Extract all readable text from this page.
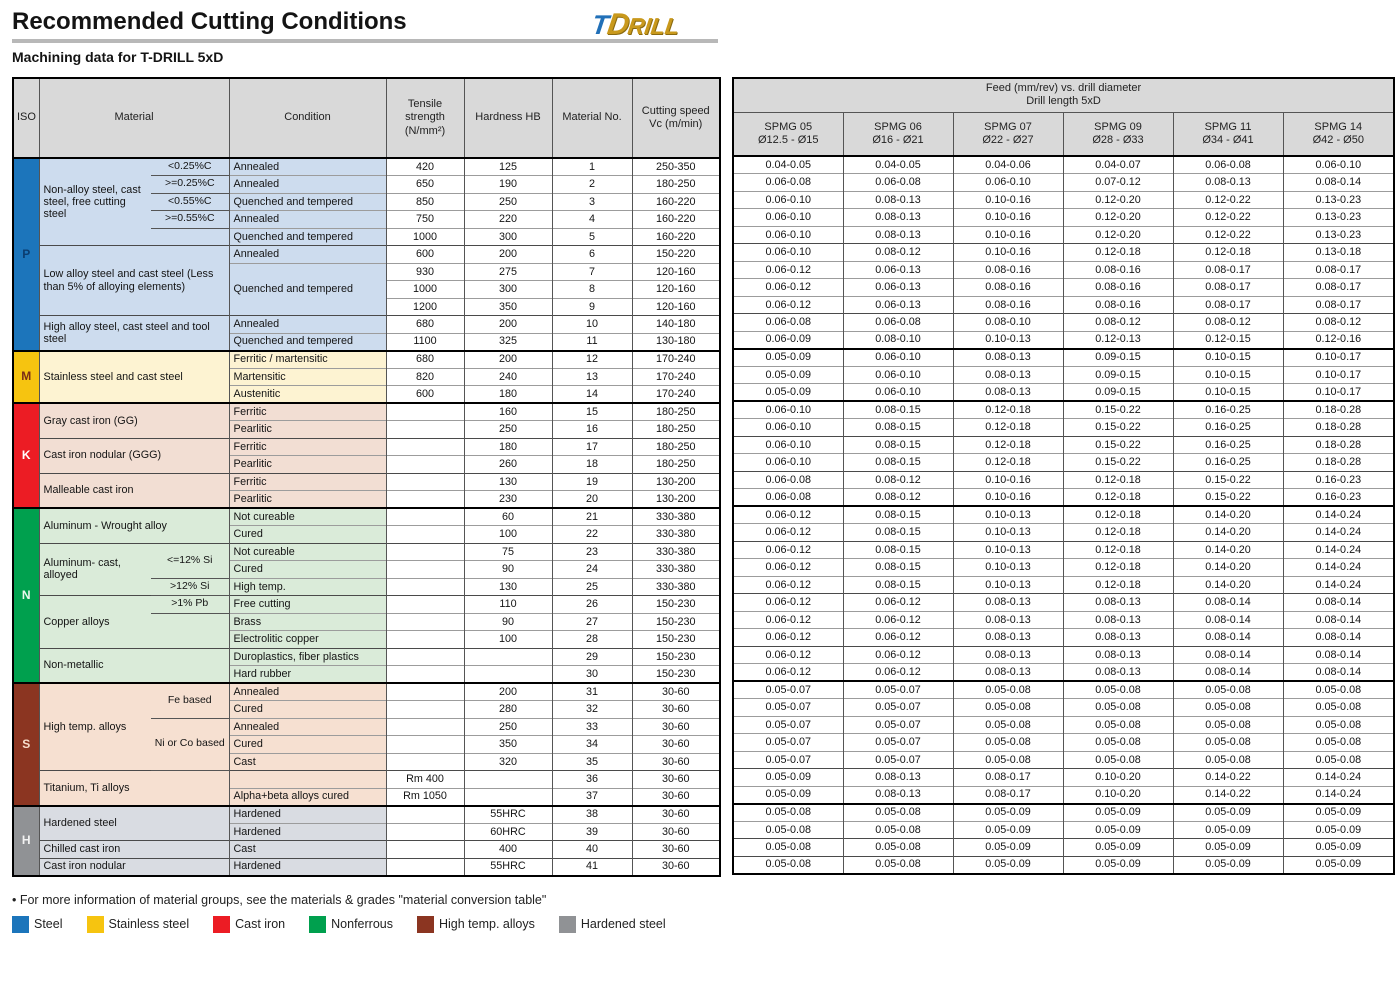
Recommended Cutting Conditions	TDRILL
Machining data for T-DRILL 5xD
ISO	Material		Condition	Tensile strength (N/mm²)	Hardness HB	Material No.	Cutting speed Vc (m/min)
P	Non-alloy steel, cast steel, free cutting steel	<0.25%C	Annealed	420	125	1	250-350
		>=0.25%C	Annealed	650	190	2	180-250
		<0.55%C	Quenched and tempered	850	250	3	160-220
		>=0.55%C	Annealed	750	220	4	160-220
			Quenched and tempered	1000	300	5	160-220
	Low alloy steel and cast steel (Less than 5% of alloying elements)		Annealed	600	200	6	150-220
			Quenched and tempered	930	275	7	120-160
				1000	300	8	120-160
				1200	350	9	120-160
	High alloy steel, cast steel and tool steel		Annealed	680	200	10	140-180
			Quenched and tempered	1100	325	11	130-180
M	Stainless steel and cast steel		Ferritic / martensitic	680	200	12	170-240
			Martensitic	820	240	13	170-240
			Austenitic	600	180	14	170-240
K	Gray cast iron (GG)		Ferritic		160	15	180-250
			Pearlitic		250	16	180-250
	Cast iron nodular (GGG)		Ferritic		180	17	180-250
			Pearlitic		260	18	180-250
	Malleable cast iron		Ferritic		130	19	130-200
			Pearlitic		230	20	130-200
N	Aluminum - Wrought alloy		Not cureable		60	21	330-380
			Cured		100	22	330-380
	Aluminum- cast, alloyed	<=12% Si	Not cureable		75	23	330-380
			Cured		90	24	330-380
		>12% Si	High temp.		130	25	330-380
	Copper alloys	>1% Pb	Free cutting		110	26	150-230
			Brass		90	27	150-230
			Electrolitic copper		100	28	150-230
	Non-metallic		Duroplastics, fiber plastics			29	150-230
			Hard rubber			30	150-230
S	High temp. alloys	Fe based	Annealed		200	31	30-60
			Cured		280	32	30-60
		Ni or Co based	Annealed		250	33	30-60
			Cured		350	34	30-60
			Cast		320	35	30-60
	Titanium, Ti alloys			Rm 400		36	30-60
			Alpha+beta alloys cured	Rm 1050		37	30-60
H	Hardened steel		Hardened		55HRC	38	30-60
			Hardened		60HRC	39	30-60
	Chilled cast iron		Cast		400	40	30-60
	Cast iron nodular		Hardened		55HRC	41	30-60
Feed (mm/rev) vs. drill diameter
Drill length 5xD					

SPMG 05
Ø12.5 - Ø15

SPMG 06
Ø16 - Ø21

SPMG 07
Ø22 - Ø27

SPMG 09
Ø28 - Ø33

SPMG 11
Ø34 - Ø41

SPMG 14
Ø42 - Ø50

0.04-0.05	0.04-0.05	0.04-0.06	0.04-0.07	0.06-0.08	0.06-0.10
0.06-0.08	0.06-0.08	0.06-0.10	0.07-0.12	0.08-0.13	0.08-0.14
0.06-0.10	0.08-0.13	0.10-0.16	0.12-0.20	0.12-0.22	0.13-0.23
0.06-0.10	0.08-0.13	0.10-0.16	0.12-0.20	0.12-0.22	0.13-0.23
0.06-0.10	0.08-0.13	0.10-0.16	0.12-0.20	0.12-0.22	0.13-0.23
0.06-0.10	0.08-0.12	0.10-0.16	0.12-0.18	0.12-0.18	0.13-0.18
0.06-0.12	0.06-0.13	0.08-0.16	0.08-0.16	0.08-0.17	0.08-0.17
0.06-0.12	0.06-0.13	0.08-0.16	0.08-0.16	0.08-0.17	0.08-0.17
0.06-0.12	0.06-0.13	0.08-0.16	0.08-0.16	0.08-0.17	0.08-0.17
0.06-0.08	0.06-0.08	0.08-0.10	0.08-0.12	0.08-0.12	0.08-0.12
0.06-0.09	0.08-0.10	0.10-0.13	0.12-0.13	0.12-0.15	0.12-0.16
0.05-0.09	0.06-0.10	0.08-0.13	0.09-0.15	0.10-0.15	0.10-0.17
0.05-0.09	0.06-0.10	0.08-0.13	0.09-0.15	0.10-0.15	0.10-0.17
0.05-0.09	0.06-0.10	0.08-0.13	0.09-0.15	0.10-0.15	0.10-0.17
0.06-0.10	0.08-0.15	0.12-0.18	0.15-0.22	0.16-0.25	0.18-0.28
0.06-0.10	0.08-0.15	0.12-0.18	0.15-0.22	0.16-0.25	0.18-0.28
0.06-0.10	0.08-0.15	0.12-0.18	0.15-0.22	0.16-0.25	0.18-0.28
0.06-0.10	0.08-0.15	0.12-0.18	0.15-0.22	0.16-0.25	0.18-0.28
0.06-0.08	0.08-0.12	0.10-0.16	0.12-0.18	0.15-0.22	0.16-0.23
0.06-0.08	0.08-0.12	0.10-0.16	0.12-0.18	0.15-0.22	0.16-0.23
0.06-0.12	0.08-0.15	0.10-0.13	0.12-0.18	0.14-0.20	0.14-0.24
0.06-0.12	0.08-0.15	0.10-0.13	0.12-0.18	0.14-0.20	0.14-0.24
0.06-0.12	0.08-0.15	0.10-0.13	0.12-0.18	0.14-0.20	0.14-0.24
0.06-0.12	0.08-0.15	0.10-0.13	0.12-0.18	0.14-0.20	0.14-0.24
0.06-0.12	0.08-0.15	0.10-0.13	0.12-0.18	0.14-0.20	0.14-0.24
0.06-0.12	0.06-0.12	0.08-0.13	0.08-0.13	0.08-0.14	0.08-0.14
0.06-0.12	0.06-0.12	0.08-0.13	0.08-0.13	0.08-0.14	0.08-0.14
0.06-0.12	0.06-0.12	0.08-0.13	0.08-0.13	0.08-0.14	0.08-0.14
0.06-0.12	0.06-0.12	0.08-0.13	0.08-0.13	0.08-0.14	0.08-0.14
0.06-0.12	0.06-0.12	0.08-0.13	0.08-0.13	0.08-0.14	0.08-0.14
0.05-0.07	0.05-0.07	0.05-0.08	0.05-0.08	0.05-0.08	0.05-0.08
0.05-0.07	0.05-0.07	0.05-0.08	0.05-0.08	0.05-0.08	0.05-0.08
0.05-0.07	0.05-0.07	0.05-0.08	0.05-0.08	0.05-0.08	0.05-0.08
0.05-0.07	0.05-0.07	0.05-0.08	0.05-0.08	0.05-0.08	0.05-0.08
0.05-0.07	0.05-0.07	0.05-0.08	0.05-0.08	0.05-0.08	0.05-0.08
0.05-0.09	0.08-0.13	0.08-0.17	0.10-0.20	0.14-0.22	0.14-0.24
0.05-0.09	0.08-0.13	0.08-0.17	0.10-0.20	0.14-0.22	0.14-0.24
0.05-0.08	0.05-0.08	0.05-0.09	0.05-0.09	0.05-0.09	0.05-0.09
0.05-0.08	0.05-0.08	0.05-0.09	0.05-0.09	0.05-0.09	0.05-0.09
0.05-0.08	0.05-0.08	0.05-0.09	0.05-0.09	0.05-0.09	0.05-0.09
0.05-0.08	0.05-0.08	0.05-0.09	0.05-0.09	0.05-0.09	0.05-0.09
• For more information of material groups, see the materials & grades "material conversion table"
Steel	Stainless steel	Cast iron	Nonferrous	High temp. alloys	Hardened steel
